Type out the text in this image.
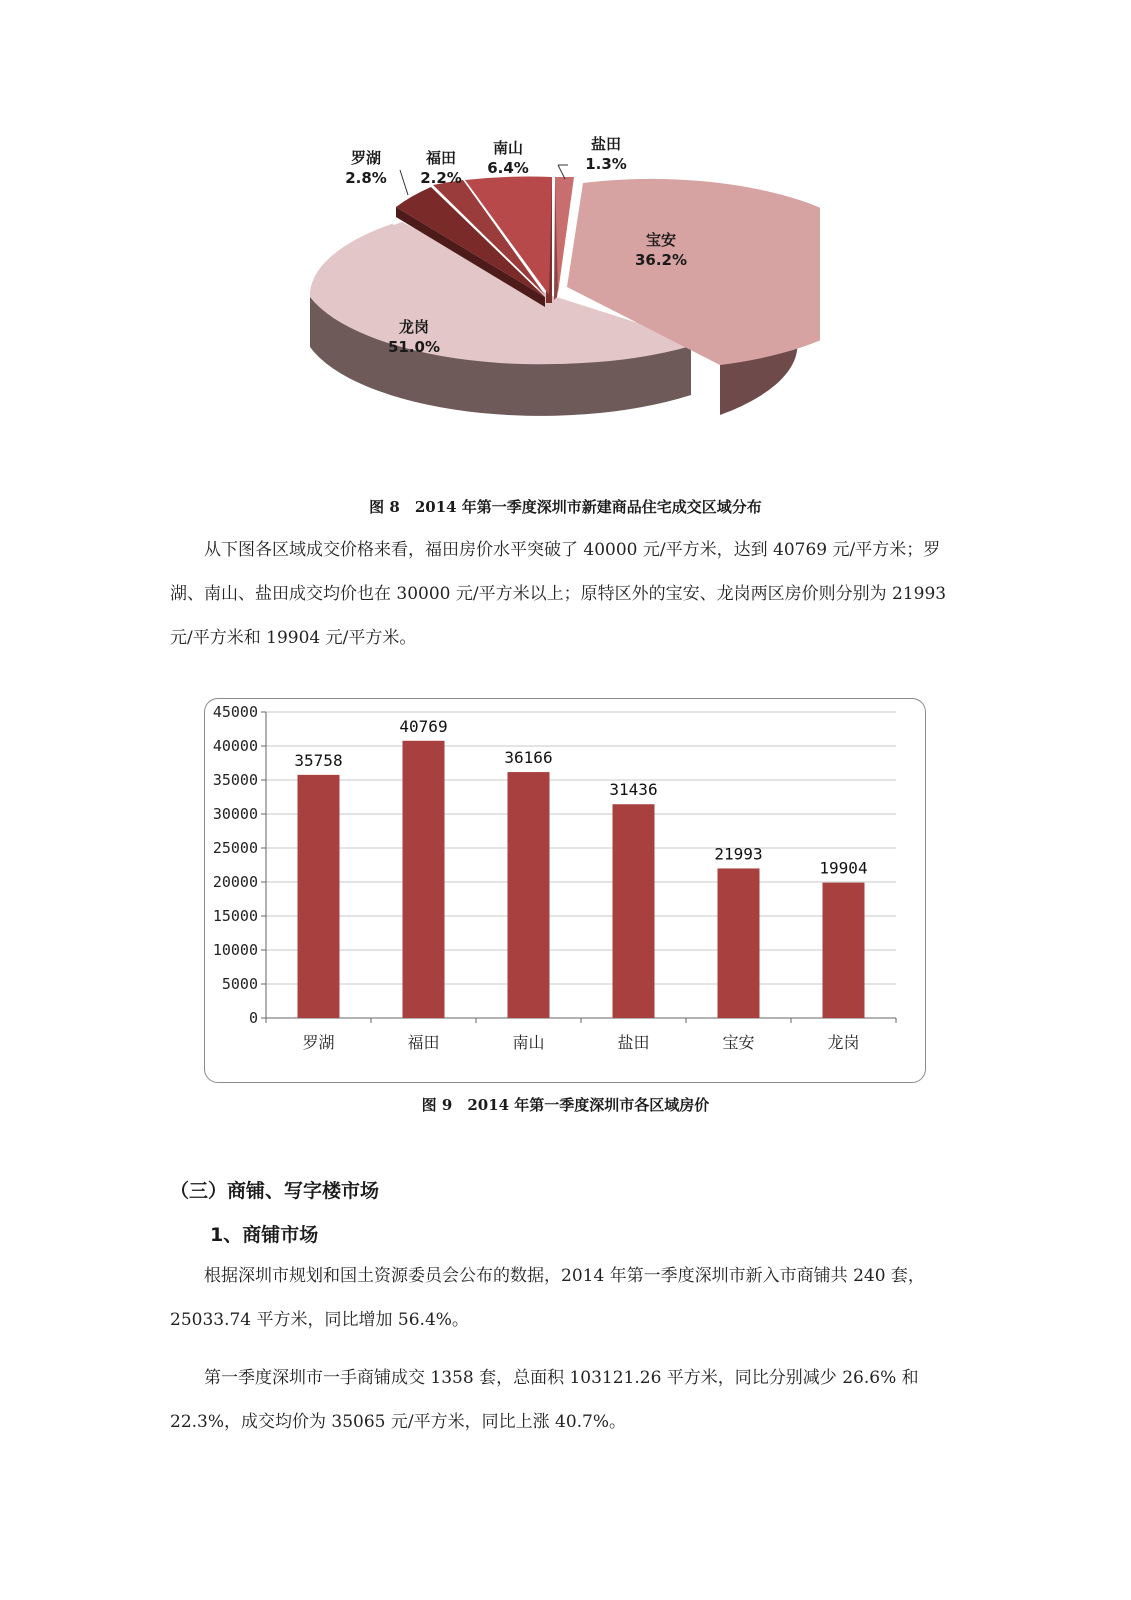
罗湖
2.8%
福田
2.2%
南山
6.4%
盐田
1.3%
宝安
36.2%
龙岗
51.0%
图 8　2014 年第一季度深圳市新建商品住宅成交区域分布

从下图各区域成交价格来看，福田房价水平突破了 40000 元/平方米，达到 40769 元/平方米；罗湖、南山、盐田成交均价也在 30000 元/平方米以上；原特区外的宝安、龙岗两区房价则分别为 21993 元/平方米和 19904 元/平方米。

0
5000
10000
15000
20000
25000
30000
35000
40000
45000
35758
罗湖
40769
福田
36166
南山
31436
盐田
21993
宝安
19904
龙岗
图 9　2014 年第一季度深圳市各区域房价
（三）商铺、写字楼市场
1、商铺市场

根据深圳市规划和国土资源委员会公布的数据，2014 年第一季度深圳市新入市商铺共 240 套，25033.74 平方米，同比增加 56.4%。

第一季度深圳市一手商铺成交 1358 套，总面积 103121.26 平方米，同比分别减少 26.6% 和 22.3%，成交均价为 35065 元/平方米，同比上涨 40.7%。
